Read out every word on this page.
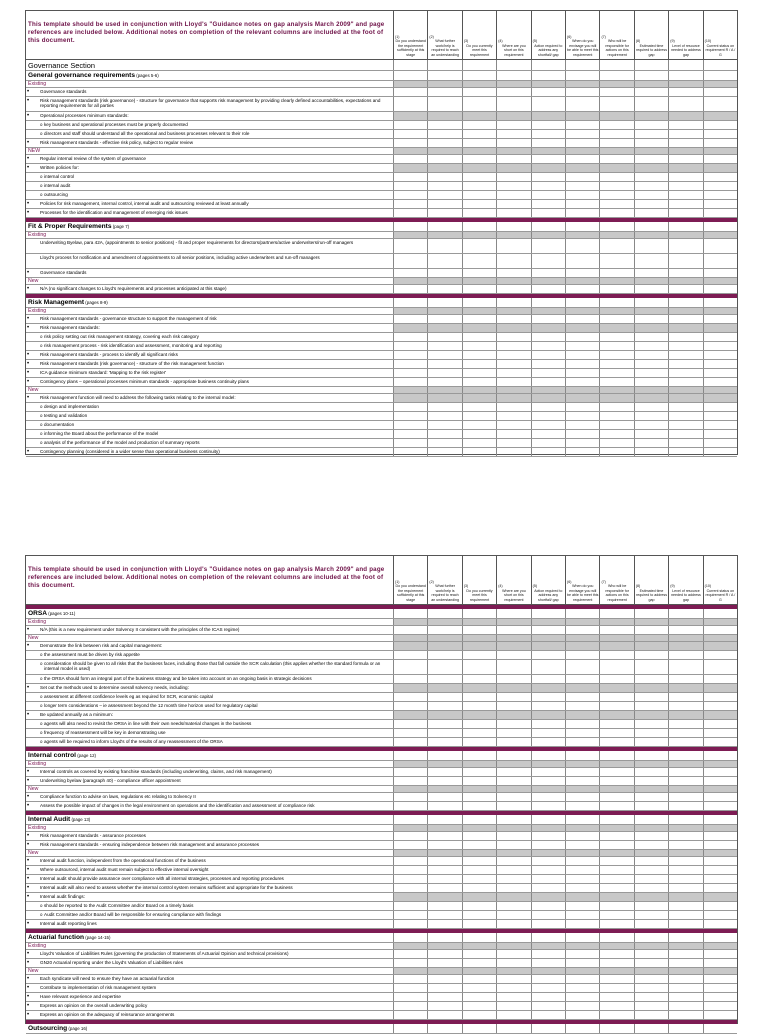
This template should be used in conjunction with Lloyd's "Guidance notes on gap analysis March 2009" and page references are included below. Additional notes on completion of the relevant columns are included at the foot of this document.
(1)
Do you understand the requirement sufficiently at this stage
(2)
What further work/help is required to reach an understanding
(3)
Do you currently meet this requirement
(4)
Where are you short on this requirement
(5)
Action required to address any shortfall/ gap
(6)
When do you envisage you will be able to meet this requirement
(7)
Who will be responsible for actions on this requirement
(8)
Estimated time required to address gap
(9)
Level of resource needed to address gap
(10)
Current status on requirement R / A / G
Governance Section
General governance requirements (pages 5-6)
Existing
• Governance standards
• Risk management standards (risk governance) - structure for governance that supports risk management by providing clearly defined accountabilities, expectations and reporting requirements for all parties
• Operational processes minimum standards:
o key business and operational processes must be properly documented
o directors and staff should understand all the operational and business processes relevant to their role
• Risk management standards - effective risk policy, subject to regular review
NEW
• Regular internal review of the system of governance
• Written policies for:
o internal control
o internal audit
o outsourcing
• Policies for risk management, internal control, internal audit and outsourcing reviewed at least annually
• Processes for the identification and management of emerging risk issues
Fit & Proper Requirements (page 7)
Existing
Underwriting Byelaw, para 42A, (appointments to senior positions) - fit and proper requirements for directors/partners/active underwriters/run-off managers
Lloyd's process for notification and amendment of appointments to all senior positions, including active underwriters and run-off managers
• Governance standards
New
• N/A (no significant changes to Lloyd's requirements and processes anticipated at this stage)
Risk Management (pages 8-9)
Existing
• Risk management standards - governance structure to support the management of risk
• Risk management standards:
o risk policy setting out risk management strategy, covering each risk category
o risk management process - risk identification and assessment, monitoring and reporting
• Risk management standards - process to identify all significant risks
• Risk management standards (risk governance) - structure of the risk management function
• ICA guidance minimum standard: 'Mapping to the risk register'
• Contingency plans – operational processes minimum standards - appropriate business continuity plans
New
• Risk management function will need to address the following tasks relating to the internal model:
o design and implementation
o testing and validation
o documentation
o informing the Board about the performance of the model
o analysis of the performance of the model and production of summary reports
• Contingency planning (considered in a wider sense than operational business continuity)
This template should be used in conjunction with Lloyd's "Guidance notes on gap analysis March 2009" and page references are included below. Additional notes on completion of the relevant columns are included at the foot of this document.
(1)
Do you understand the requirement sufficiently at this stage
(2)
What further work/help is required to reach an understanding
(3)
Do you currently meet this requirement
(4)
Where are you short on this requirement
(5)
Action required to address any shortfall/ gap
(6)
When do you envisage you will be able to meet this requirement
(7)
Who will be responsible for actions on this requirement
(8)
Estimated time required to address gap
(9)
Level of resource needed to address gap
(10)
Current status on requirement R / A / G
ORSA (pages 10-11)
Existing
• N/A (this is a new requirement under Solvency II consistent with the principles of the ICAS regime)
New
• Demonstrate the link between risk and capital management:
o the assessment must be driven by risk appetite
o consideration should be given to all risks that the business faces, including those that fall outside the SCR calculation (this applies whether the standard formula or an internal model is used)
o the ORSA should form an integral part of the business strategy and be taken into account on an ongoing basis in strategic decisions
• Set out the methods used to determine overall solvency needs, including:
o assessment at different confidence levels eg as required for SCR, economic capital
o longer term considerations – ie assessment beyond the 12 month time horizon used for regulatory capital
• Be updated annually as a minimum:
o agents will also need to revisit the ORSA in line with their own needs/material changes in the business
o frequency of reassessment will be key in demonstrating use
o agents will be required to inform Lloyd's of the results of any reassessment of the ORSA
Internal control (page 12)
Existing
• Internal controls as covered by existing franchise standards (including underwriting, claims, and risk management)
• Underwriting byelaw (paragraph 40) - compliance officer appointment
New
• Compliance function to advise on laws, regulations etc relating to Solvency II
• Assess the possible impact of changes in the legal environment on operations and the identification and assessment of compliance risk
Internal Audit (page 13)
Existing
• Risk management standards - assurance processes
• Risk management standards - ensuring independence between risk management and assurance processes
New
• Internal audit function, independent from the operational functions of the business
• Where outsourced, internal audit must remain subject to effective internal oversight
• Internal audit should provide assurance over compliance with all internal strategies, processes and reporting procedures
• Internal audit will also need to assess whether the internal control system remains sufficient and appropriate for the business
• Internal audit findings:
o should be reported to the Audit Committee and/or Board on a timely basis
o Audit Committee and/or Board will be responsible for ensuring compliance with findings
• Internal audit reporting lines
Actuarial function (page 14-15)
Existing
• Lloyd's Valuation of Liabilities Rules (governing the production of Statements of Actuarial Opinion and technical provisions)
• GN20 Actuarial reporting under the Lloyd's Valuation of Liabilities rules
New
• Each syndicate will need to ensure they have an actuarial function
• Contribute to implementation of risk management system
• Have relevant experience and expertise
• Express an opinion on the overall underwriting policy
• Express an opinion on the adequacy of reinsurance arrangements
Outsourcing (page 16)
